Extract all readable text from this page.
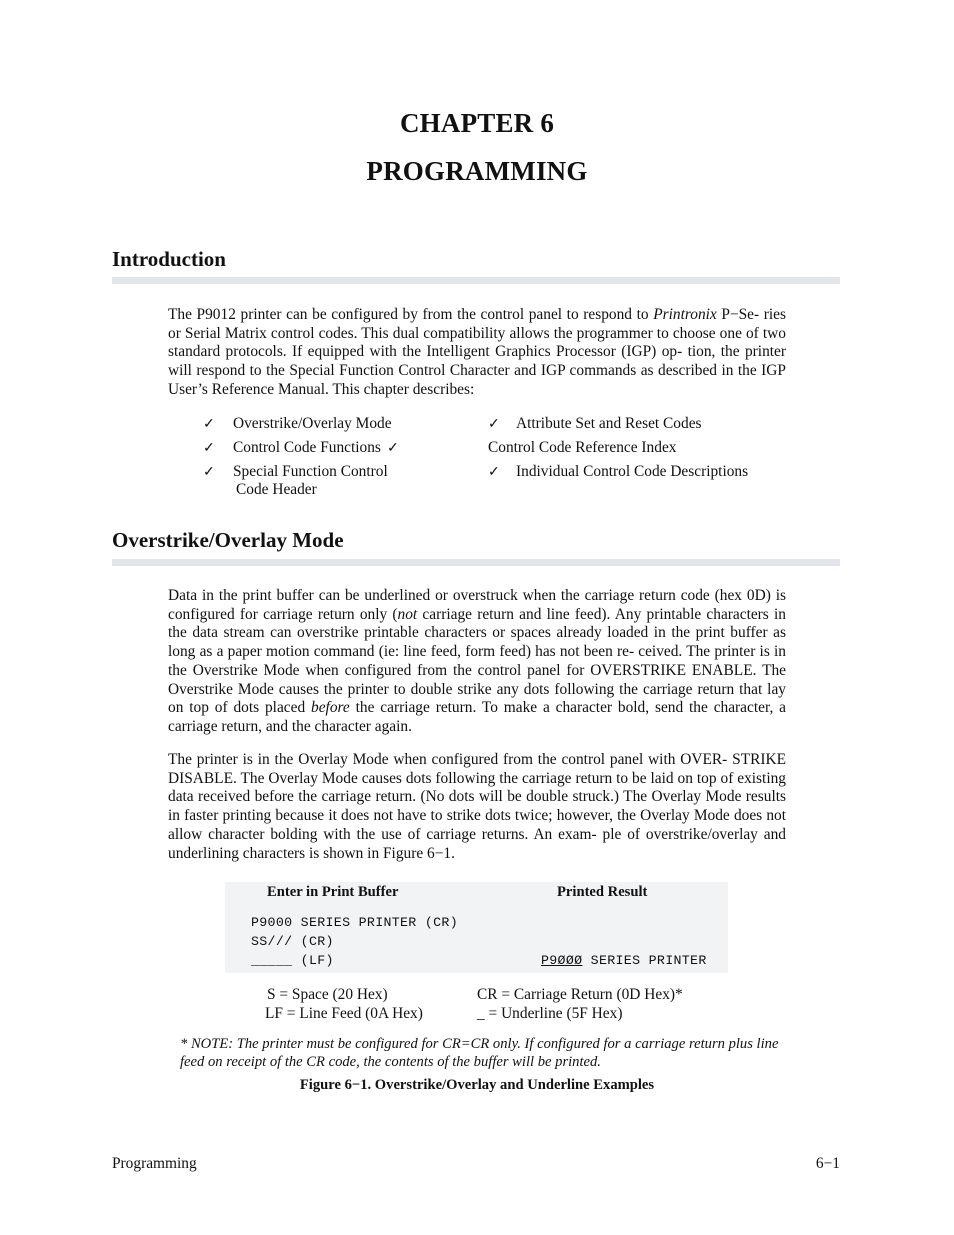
CHAPTER 6
PROGRAMMING
Introduction
The P9012 printer can be configured by from the control panel to respond to Printronix P−Se- ries or Serial Matrix control codes. This dual compatibility allows the programmer to choose one of two standard protocols. If equipped with the Intelligent Graphics Processor (IGP) op- tion, the printer will respond to the Special Function Control Character and IGP commands as described in the IGP User’s Reference Manual. This chapter describes:
✓ Overstrike/Overlay Mode
✓ Control Code Functions ✓
✓ Special Function Control
Code Header
✓ Attribute Set and Reset Codes
Control Code Reference Index
✓ Individual Control Code Descriptions
Overstrike/Overlay Mode
Data in the print buffer can be underlined or overstruck when the carriage return code (hex 0D) is configured for carriage return only (not carriage return and line feed). Any printable characters in the data stream can overstrike printable characters or spaces already loaded in the print buffer as long as a paper motion command (ie: line feed, form feed) has not been re- ceived. The printer is in the Overstrike Mode when configured from the control panel for OVERSTRIKE ENABLE. The Overstrike Mode causes the printer to double strike any dots following the carriage return that lay on top of dots placed before the carriage return. To make a character bold, send the character, a carriage return, and the character again.
The printer is in the Overlay Mode when configured from the control panel with OVER- STRIKE DISABLE. The Overlay Mode causes dots following the carriage return to be laid on top of existing data received before the carriage return. (No dots will be double struck.) The Overlay Mode results in faster printing because it does not have to strike dots twice; however, the Overlay Mode does not allow character bolding with the use of carriage returns. An exam- ple of overstrike/overlay and underlining characters is shown in Figure 6−1.
Enter in Print Buffer	Printed Result
P9000 SERIES PRINTER (CR)
SS/// (CR)
_____ (LF)	P9ØØØ SERIES PRINTER
S = Space (20 Hex)	CR = Carriage Return (0D Hex)*
LF = Line Feed (0A Hex)	_ = Underline (5F Hex)
* NOTE: The printer must be configured for CR=CR only. If configured for a carriage return plus line feed on receipt of the CR code, the contents of the buffer will be printed.
Figure 6−1. Overstrike/Overlay and Underline Examples
Programming	6−1
